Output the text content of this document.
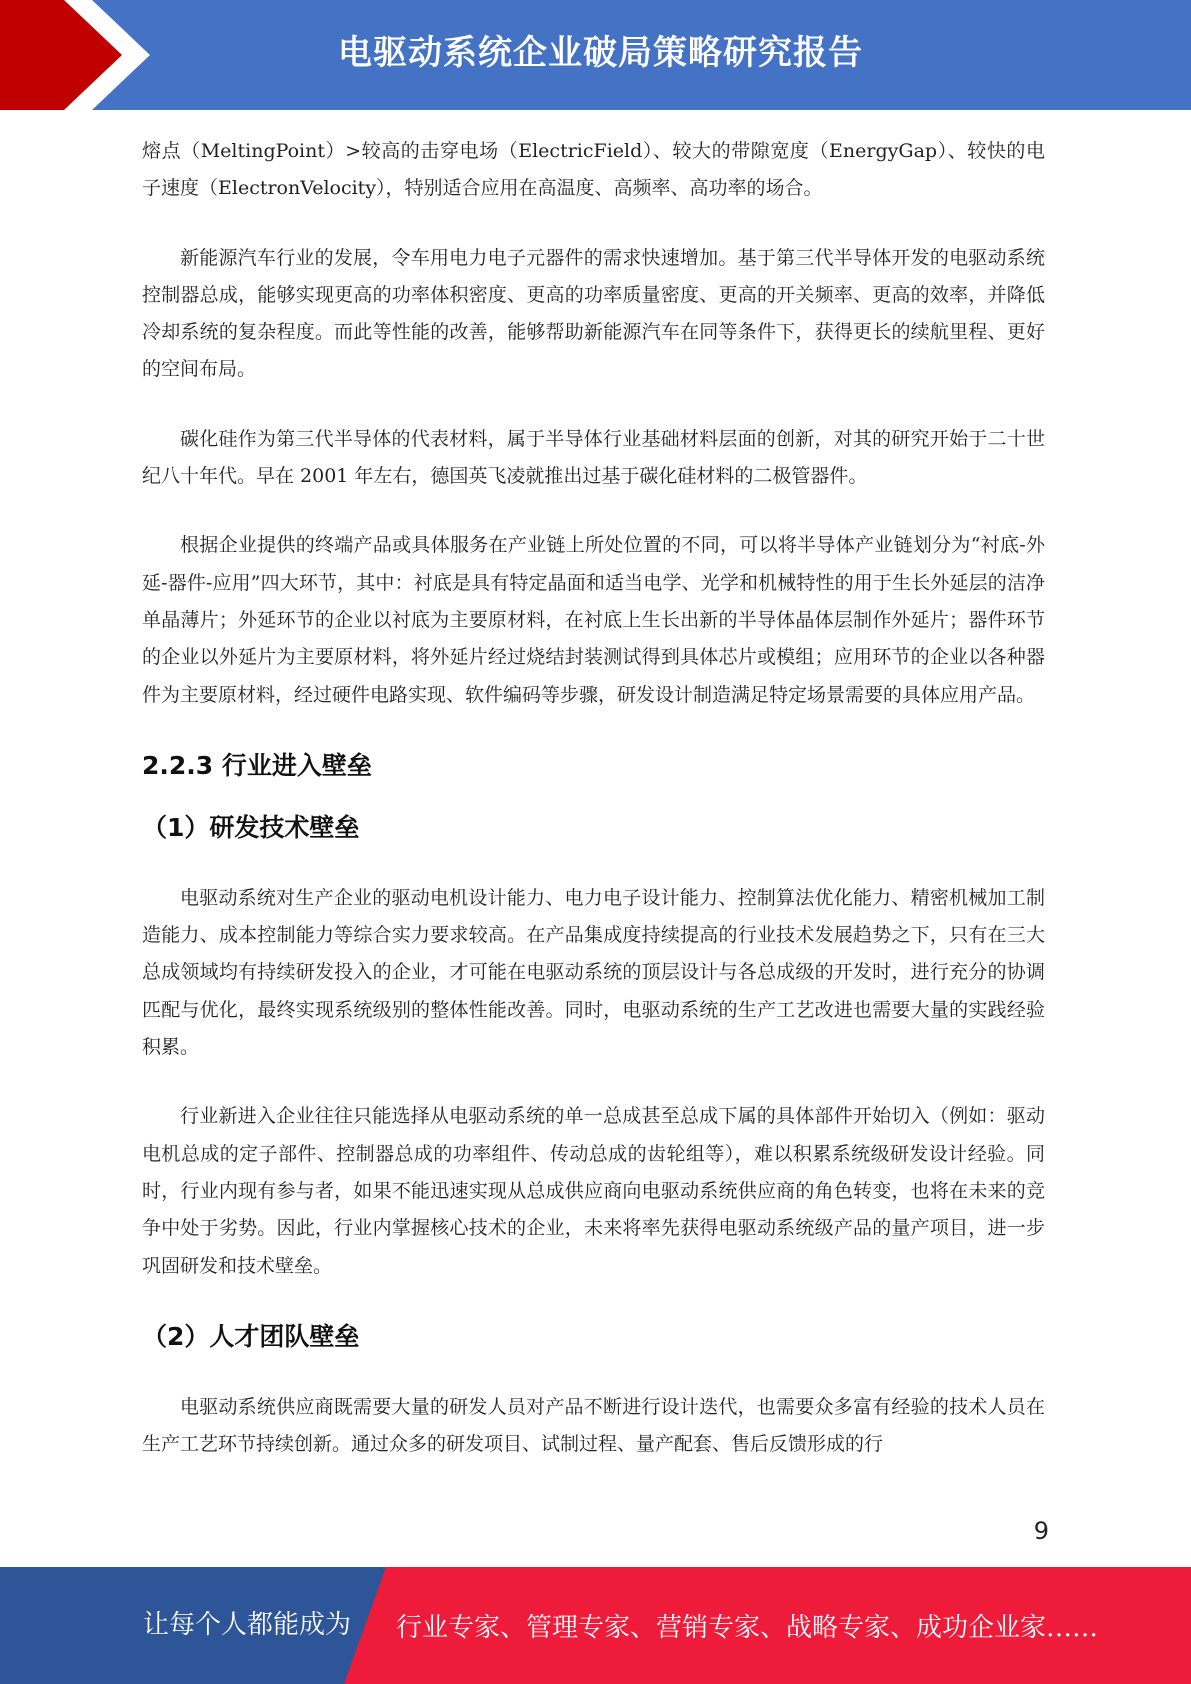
电驱动系统企业破局策略研究报告

熔点（MeltingPoint）>较高的击穿电场（ElectricField）、较大的带隙宽度（EnergyGap）、较快的电子速度（ElectronVelocity），特别适合应用在高温度、高频率、高功率的场合。

新能源汽车行业的发展，令车用电力电子元器件的需求快速增加。基于第三代半导体开发的电驱动系统控制器总成，能够实现更高的功率体积密度、更高的功率质量密度、更高的开关频率、更高的效率，并降低冷却系统的复杂程度。而此等性能的改善，能够帮助新能源汽车在同等条件下，获得更长的续航里程、更好的空间布局。

碳化硅作为第三代半导体的代表材料，属于半导体行业基础材料层面的创新，对其的研究开始于二十世纪八十年代。早在 2001 年左右，德国英飞凌就推出过基于碳化硅材料的二极管器件。

根据企业提供的终端产品或具体服务在产业链上所处位置的不同，可以将半导体产业链划分为“衬底-外延-器件-应用”四大环节，其中：衬底是具有特定晶面和适当电学、光学和机械特性的用于生长外延层的洁净单晶薄片；外延环节的企业以衬底为主要原材料，在衬底上生长出新的半导体晶体层制作外延片；器件环节的企业以外延片为主要原材料，将外延片经过烧结封装测试得到具体芯片或模组；应用环节的企业以各种器件为主要原材料，经过硬件电路实现、软件编码等步骤，研发设计制造满足特定场景需要的具体应用产品。

2.2.3 行业进入壁垒
（1）研发技术壁垒

电驱动系统对生产企业的驱动电机设计能力、电力电子设计能力、控制算法优化能力、精密机械加工制造能力、成本控制能力等综合实力要求较高。在产品集成度持续提高的行业技术发展趋势之下，只有在三大总成领域均有持续研发投入的企业，才可能在电驱动系统的顶层设计与各总成级的开发时，进行充分的协调匹配与优化，最终实现系统级别的整体性能改善。同时，电驱动系统的生产工艺改进也需要大量的实践经验积累。

行业新进入企业往往只能选择从电驱动系统的单一总成甚至总成下属的具体部件开始切入（例如：驱动电机总成的定子部件、控制器总成的功率组件、传动总成的齿轮组等），难以积累系统级研发设计经验。同时，行业内现有参与者，如果不能迅速实现从总成供应商向电驱动系统供应商的角色转变，也将在未来的竞争中处于劣势。因此，行业内掌握核心技术的企业，未来将率先获得电驱动系统级产品的量产项目，进一步巩固研发和技术壁垒。

（2）人才团队壁垒

电驱动系统供应商既需要大量的研发人员对产品不断进行设计迭代，也需要众多富有经验的技术人员在生产工艺环节持续创新。通过众多的研发项目、试制过程、量产配套、售后反馈形成的行

9
让每个人都能成为 行业专家、管理专家、营销专家、战略专家、成功企业家……
